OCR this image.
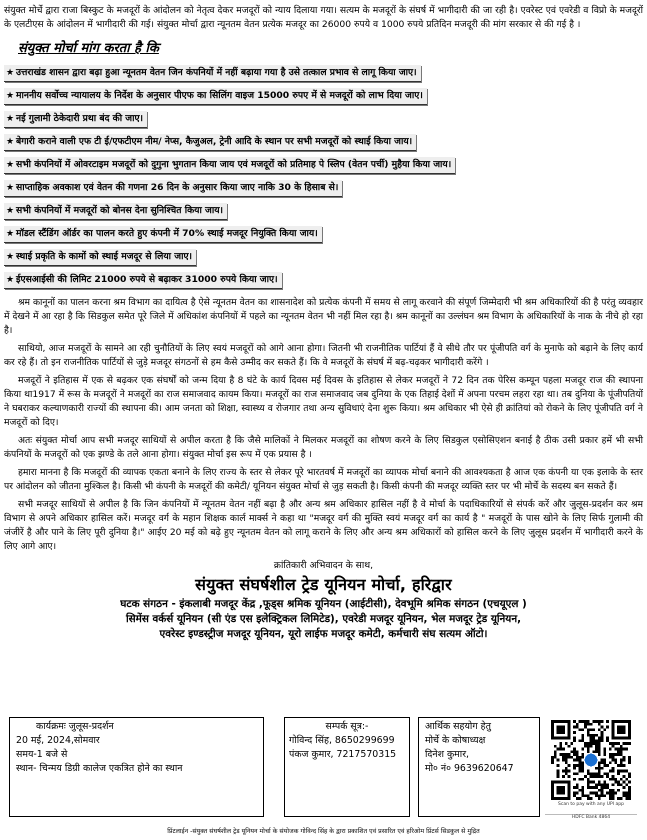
संयुक्त मोर्चे द्वारा राजा बिस्कुट के मजदूरों के आंदोलन को नेतृत्व देकर मजदूरों को न्याय दिलाया गया। सत्यम के मजदूरों के संघर्ष में भागीदारी की जा रही है। एवरेस्ट एवं एवरेडी व विप्रो के मजदूरों के एलटीएस के आंदोलन में भागीदारी की गई। संयुक्त मोर्चा द्वारा न्यूनतम वेतन प्रत्येक मजदूर का 26000 रुपये व 1000 रुपये प्रतिदिन मजदूरी की मांग सरकार से की गई है ।

संयुक्त मोर्चा मांग करता है कि
★ उत्तराखंड शासन द्वारा बढ़ा हुआ न्यूनतम वेतन जिन कंपनियों में नहीं बढ़ाया गया है उसे तत्काल प्रभाव से लागू किया जाए।
★ माननीय सर्वोच्च न्यायालय के निर्देश के अनुसार पीएफ का सिलिंग वाइज 15000 रुपए में से मजदूरों को लाभ दिया जाए।
★ नई गुलामी ठेकेदारी प्रथा बंद की जाए।
★ बेगारी कराने वाली एफ टी ई/एफटीएम नीम/ नेप्स, कैजुअल, ट्रेनी आदि के स्थान पर सभी मजदूरों को स्थाई किया जाय।
★ सभी कंपनियों में ओवरटाइम मजदूरों को दुगुना भुगतान किया जाय एवं मजदूरों को प्रतिमाह पे स्लिप (वेतन पर्ची) मुहैया किया जाय।
★ साप्ताहिक अवकाश एवं वेतन की गणना 26 दिन के अनुसार किया जाए नाकि 30 के हिसाब से।
★ सभी कंपनियों में मजदूरों को बोनस देना सुनिश्चित किया जाय।
★ मॉडल स्टैंडिंग ऑर्डर का पालन करते हुए कंपनी में 70% स्थाई मजदूर नियुक्ति किया जाय।
★ स्थाई प्रकृति के कामों को स्थाई मजदूर से लिया जाए।
★ ईएसआईसी की लिमिट 21000 रुपये से बढ़ाकर 31000 रुपये किया जाए।

श्रम कानूनों का पालन करना श्रम विभाग का दायित्व है ऐसे न्यूनतम वेतन का शासनादेश को प्रत्येक कंपनी में समय से लागू करवाने की संपूर्ण जिम्मेदारी भी श्रम अधिकारियों की है परंतु व्यवहार में देखने में आ रहा है कि सिडकुल समेत पूरे जिले में अधिकांश कंपनियों में पहले का न्यूनतम वेतन भी नहीं मिल रहा है। श्रम कानूनों का उल्लंघन श्रम विभाग के अधिकारियों के नाक के नीचे हो रहा है।

साथियो, आज मजदूरों के सामने आ रही चुनौतियों के लिए स्वयं मजदूरों को आगे आना होगा। जितनी भी राजनीतिक पार्टियां हैं वे सीधे तौर पर पूंजीपति वर्ग के मुनाफे को बढ़ाने के लिए कार्य कर रहे हैं। तो इन राजनीतिक पार्टियों से जुड़े मजदूर संगठनों से हम कैसे उम्मीद कर सकते हैं। कि वे मजदूरों के संघर्ष में बढ़-चढ़कर भागीदारी करेंगे ।

मजदूरों ने इतिहास में एक से बढ़कर एक संघर्षों को जन्म दिया है 8 घंटे के कार्य दिवस मई दिवस के इतिहास से लेकर मजदूरों ने 72 दिन तक पेरिस कम्यून पहला मजदूर राज की स्थापना किया था1917 में रूस के मजदूरों ने मजदूरों का राज समाजवाद कायम किया। मजदूरों का राज समाजवाद जब दुनिया के एक तिहाई देशों में अपना परचम लहरा रहा था। तब दुनिया के पूंजीपतियों ने घबराकर कल्याणकारी राज्यों की स्थापना की। आम जनता को शिक्षा, स्वास्थ्य व रोजगार तथा अन्य सुविधाएं देना शुरू किया। श्रम अधिकार भी ऐसे ही क्रांतियां को रोकने के लिए पूंजीपति वर्ग ने मजदूरों को दिए।

अतः संयुक्त मोर्चा आप सभी मजदूर साथियों से अपील करता है कि जैसे मालिकों ने मिलकर मजदूरों का शोषण करने के लिए सिडकुल एसोसिएशन बनाई है ठीक उसी प्रकार हमें भी सभी कंपनियों के मजदूरों को एक झण्डे के तले आना होगा। संयुक्त मोर्चा इस रूप में एक प्रयास है ।

हमारा मानना है कि मजदूरों की व्यापक एकता बनाने के लिए राज्य के स्तर से लेकर पूरे भारतवर्ष में मजदूरों का व्यापक मोर्चा बनाने की आवश्यकता है आज एक कंपनी या एक इलाके के स्तर पर आंदोलन को जीतना मुश्किल है। किसी भी कंपनी के मजदूरों की कमेटी/ यूनियन संयुक्त मोर्चा से जुड़ सकती है। किसी कंपनी की मजदूर व्यक्ति स्तर पर भी मोर्चे के सदस्य बन सकते हैं।

सभी मजदूर साथियों से अपील है कि जिन कंपनियों में न्यूनतम वेतन नहीं बढ़ा है और अन्य श्रम अधिकार हासिल नहीं है वे मोर्चा के पदाधिकारियों से संपर्क करें और जुलूस-प्रदर्शन कर श्रम विभाग से अपने अधिकार हासिल करें। मजदूर वर्ग के महान शिक्षक कार्ल मार्क्स ने कहा था "मजदूर वर्ग की मुक्ति स्वयं मजदूर वर्ग का कार्य है " मजदूरों के पास खोने के लिए सिर्फ गुलामी की जंजीरें है और पाने के लिए पूरी दुनिया है।" आईए 20 मई को बढ़े हुए न्यूनतम वेतन को लागू कराने के लिए और अन्य श्रम अधिकारों को हासिल करने के लिए जुलूस प्रदर्शन में भागीदारी करने के लिए आगे आए।

क्रांतिकारी अभिवादन के साथ,

संयुक्त संघर्षशील ट्रेड यूनियन मोर्चा, हरिद्वार
घटक संगठन - इंकलाबी मजदूर केंद्र ,फूड्स श्रमिक यूनियन (आईटीसी), देवभूमि श्रमिक संगठन (एचयूएल )
सिमेंस वर्कर्स यूनियन (सी एंड एस इलेक्ट्रिकल लिमिटेड), एवरेडी मजदूर यूनियन, भेल मजदूर ट्रेड यूनियन,
एवरेस्ट इण्डस्ट्रीज मजदूर यूनियन, यूरो लाईफ मजदूर कमेटी, कर्मचारी संघ सत्यम ऑटो।
कार्यक्रमः जुलूस-प्रदर्शन
20 मई, 2024,सोमवार
समय-1 बजे से
स्थान- चिन्मय डिग्री कालेज एकत्रित होने का स्थान
सम्पर्क सूत्र:-
गोविन्द सिंह, 8650299699
पंकज कुमार, 7217570315
आर्थिक सहयोग हेतु
मोर्चे के कोषाध्यक्ष
दिनेश कुमार,
मो० नं० 9639620647
Scan to pay with any UPI app
HDFC Bank 4864
प्रिंटलाईन -संयुक्त संघर्षशील ट्रेड यूनियन मोर्चा के संयोजक गोविन्द सिंह के द्वारा प्रकाशित एवं प्रसारित एवं हरिओम प्रिंटर्स सिडकुल से मुद्रित
